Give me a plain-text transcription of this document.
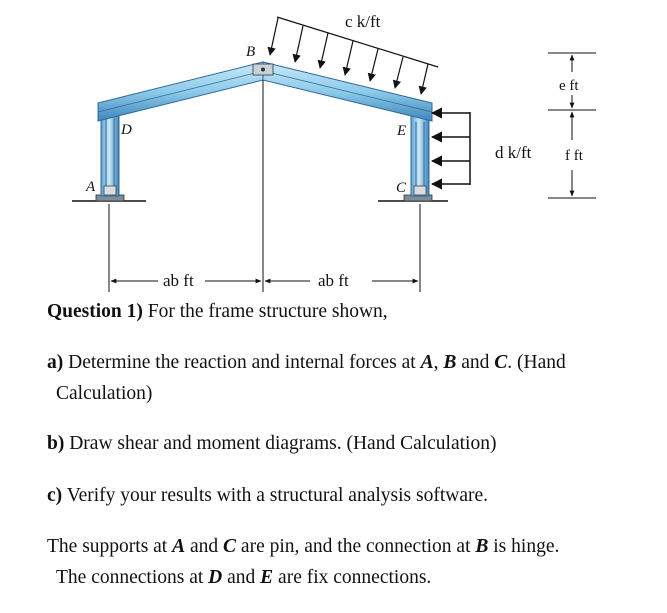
A
B
C
D	E
c k/ft
d k/ft
e ft
f ft
ab ft	ab ft
Question 1) For the frame structure shown,
a) Determine the reaction and internal forces at A, B and C. (Hand
Calculation)
b) Draw shear and moment diagrams. (Hand Calculation)
c) Verify your results with a structural analysis software.
The supports at A and C are pin, and the connection at B is hinge.
The connections at D and E are fix connections.
